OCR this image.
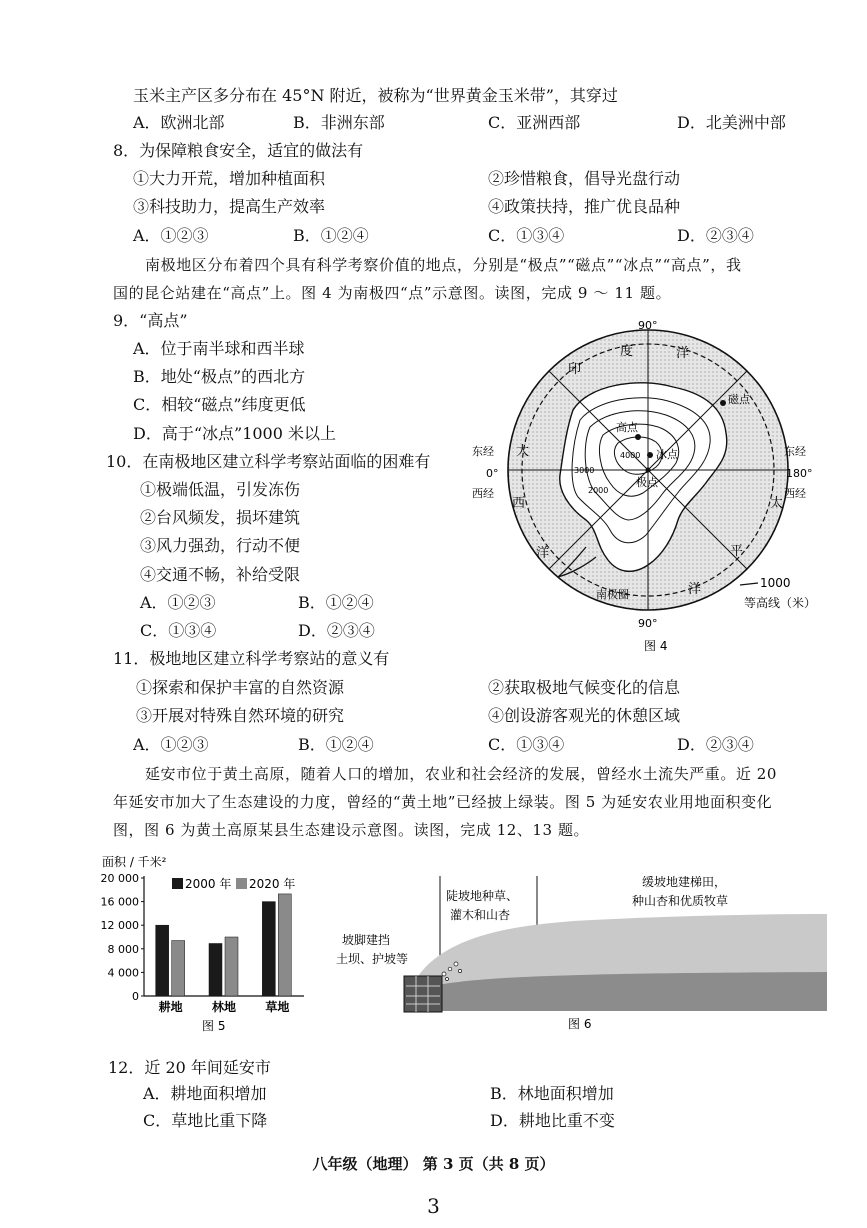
玉米主产区多分布在 45°N 附近，被称为“世界黄金玉米带”，其穿过
A．欧洲北部	B．非洲东部	C．亚洲西部	D．北美洲中部
8．为保障粮食安全，适宜的做法有
①大力开荒，增加种植面积	②珍惜粮食，倡导光盘行动
③科技助力，提高生产效率	④政策扶持，推广优良品种
A．①②③	B．①②④	C．①③④	D．②③④
南极地区分布着四个具有科学考察价值的地点，分别是“极点”“磁点”“冰点”“高点”，我
国的昆仑站建在“高点”上。图 4 为南极四“点”示意图。读图，完成 9 ～ 11 题。
9．“高点”
A．位于南半球和西半球
B．地处“极点”的西北方
C．相较“磁点”纬度更低
D．高于“冰点”1000 米以上
10．在南极地区建立科学考察站面临的困难有
①极端低温，引发冻伤
②台风频发，损坏建筑
③风力强劲，行动不便
④交通不畅，补给受限
A．①②③	B．①②④
C．①③④	D．②③④
90°
90°
东经
0°
西经
东经
180°
西经
印
度	洋
大
西
洋
太
平
洋
高点
冰点
极点
磁点
4000
3000
2000
南极圈
1000
等高线（米）
图 4
11．极地地区建立科学考察站的意义有
①探索和保护丰富的自然资源	②获取极地气候变化的信息
③开展对特殊自然环境的研究	④创设游客观光的休憩区域
A．①②③	B．①②④	C．①③④	D．②③④
延安市位于黄土高原，随着人口的增加，农业和社会经济的发展，曾经水土流失严重。近 20
年延安市加大了生态建设的力度，曾经的“黄土地”已经披上绿装。图 5 为延安农业用地面积变化
图，图 6 为黄土高原某县生态建设示意图。读图，完成 12、13 题。
面积 / 千米²
0
4 000
8 000
12 000
16 000
20 000
耕地 林地 草地
2000 年 2020 年
图 5
坡脚建挡
土坝、护坡等
陡坡地种草、
灌木和山杏
缓坡地建梯田，
种山杏和优质牧草
图 6
12．近 20 年间延安市
A．耕地面积增加	B．林地面积增加
C．草地比重下降	D．耕地比重不变
八年级（地理） 第 3 页（共 8 页）
3
